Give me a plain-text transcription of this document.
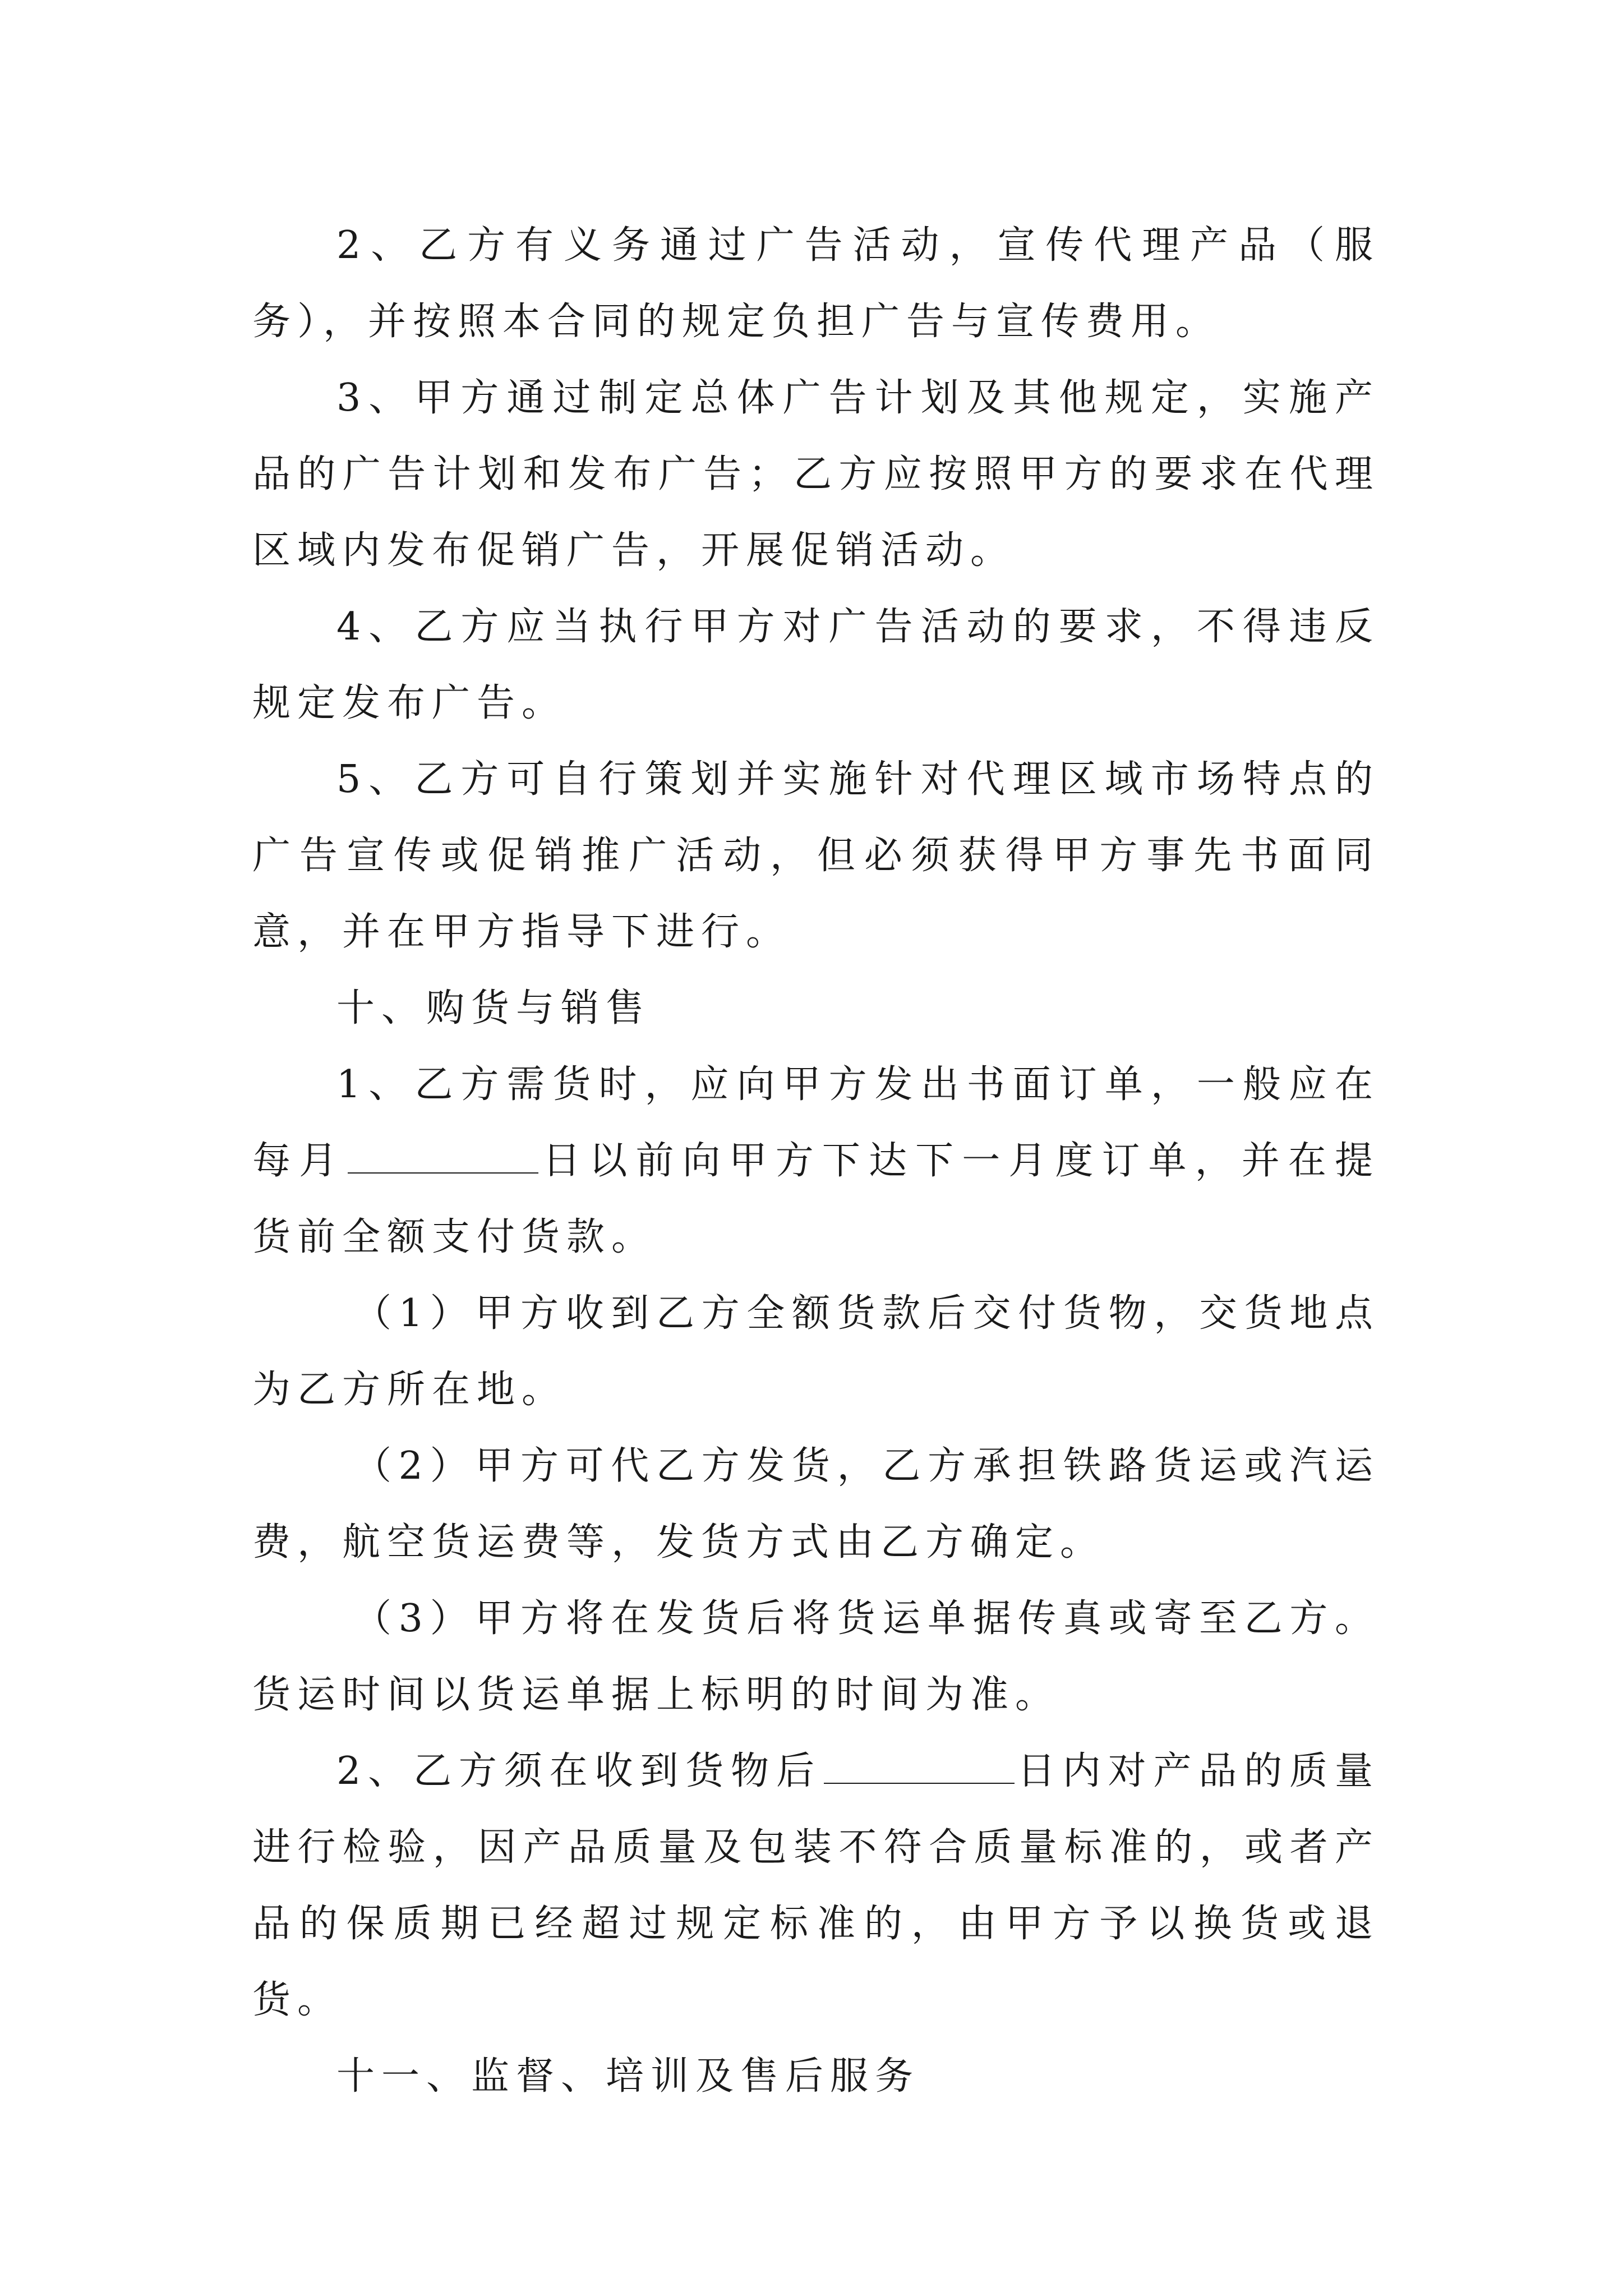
2、乙方有义务通过广告活动，宣传代理产品（服务），并按照本合同的规定负担广告与宣传费用。

3、甲方通过制定总体广告计划及其他规定，实施产品的广告计划和发布广告；乙方应按照甲方的要求在代理区域内发布促销广告，开展促销活动。

4、乙方应当执行甲方对广告活动的要求，不得违反规定发布广告。

5、乙方可自行策划并实施针对代理区域市场特点的广告宣传或促销推广活动，但必须获得甲方事先书面同意，并在甲方指导下进行。

十、购货与销售

1、乙方需货时，应向甲方发出书面订单，一般应在每月	日以前向甲方下达下一月度订单，并在提货前全额支付货款。

（1）甲方收到乙方全额货款后交付货物，交货地点为乙方所在地。

（2）甲方可代乙方发货，乙方承担铁路货运或汽运费，航空货运费等，发货方式由乙方确定。

（3）甲方将在发货后将货运单据传真或寄至乙方。货运时间以货运单据上标明的时间为准。

2、乙方须在收到货物后	日内对产品的质量进行检验，因产品质量及包装不符合质量标准的，或者产品的保质期已经超过规定标准的，由甲方予以换货或退货。

十一、监督、培训及售后服务
